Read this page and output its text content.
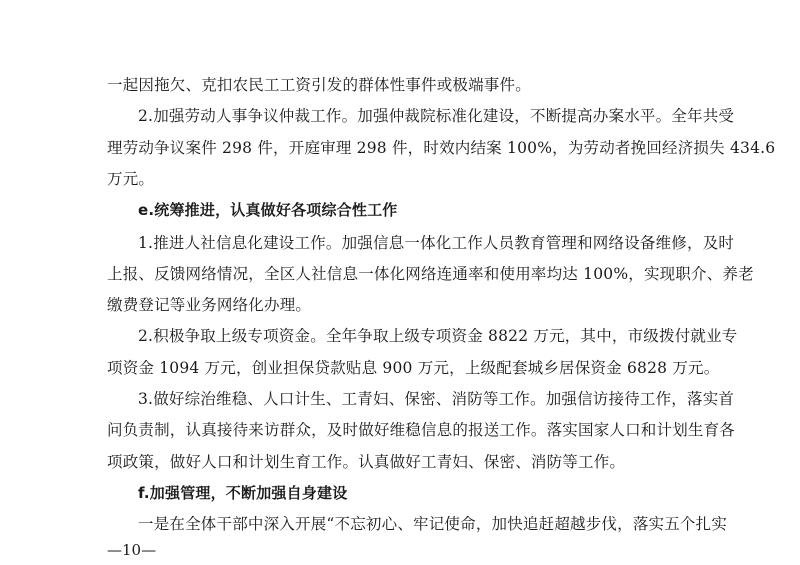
一起因拖欠、克扣农民工工资引发的群体性事件或极端事件。
2.加强劳动人事争议仲裁工作。加强仲裁院标准化建设，不断提高办案水平。全年共受
理劳动争议案件 298 件，开庭审理 298 件，时效内结案 100%，为劳动者挽回经济损失 434.6
万元。
e.统筹推进，认真做好各项综合性工作
1.推进人社信息化建设工作。加强信息一体化工作人员教育管理和网络设备维修，及时
上报、反馈网络情况，全区人社信息一体化网络连通率和使用率均达 100%，实现职介、养老
缴费登记等业务网络化办理。
2.积极争取上级专项资金。全年争取上级专项资金 8822 万元，其中，市级拨付就业专
项资金 1094 万元，创业担保贷款贴息 900 万元，上级配套城乡居保资金 6828 万元。
3.做好综治维稳、人口计生、工青妇、保密、消防等工作。加强信访接待工作，落实首
问负责制，认真接待来访群众，及时做好维稳信息的报送工作。落实国家人口和计划生育各
项政策，做好人口和计划生育工作。认真做好工青妇、保密、消防等工作。
f.加强管理，不断加强自身建设
一是在全体干部中深入开展“不忘初心、牢记使命，加快追赶超越步伐，落实五个扎实
—10—
